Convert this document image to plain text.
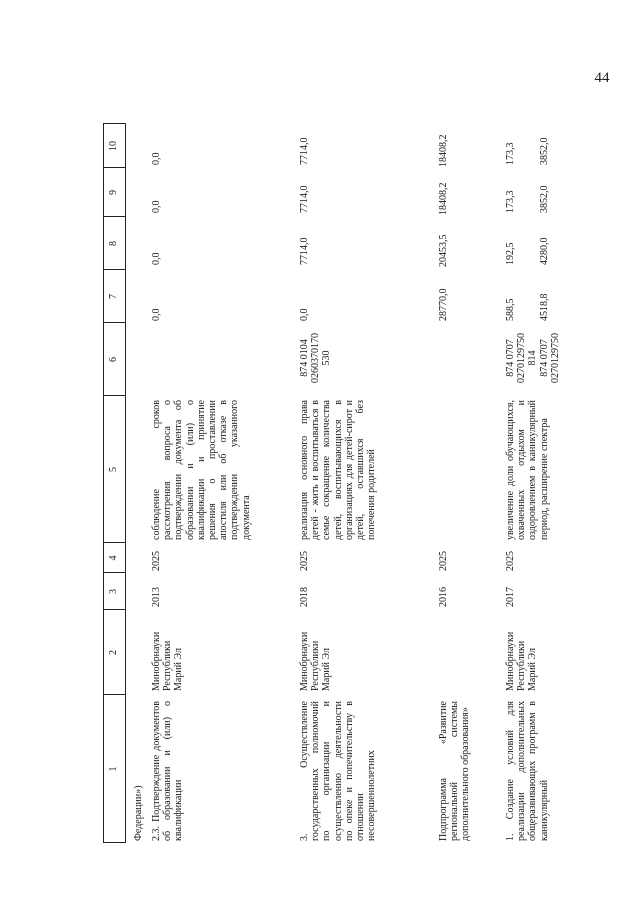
44
1
2
3
4
5
6
7
8
9
10
Федерации») 2.3. Подтверждение документов об образовании и (или) о квалификации
Минобрнауки Республики Марий Эл
2013
2025
соблюдение сроков рассмотрения вопроса о подтверждении документа об образовании и (или) о квалификации и принятие решения о проставлении апостиля или об отказе в подтверждении указанного документа
0,0
0,0
0,0
0,0
3. Осуществление государственных полномочий по организации и осуществлению деятельности по опеке и попечительству в отношении несовершеннолетних
Минобрнауки Республики Марий Эл
2018
2025
реализация основного права детей - жить и воспитываться в семье сокращение количества детей, воспитывающихся в организациях для детей-сирот и детей, оставшихся без попечения родителей
874 0104
0260370170
530
0,0
7714,0
7714,0
7714,0
Подпрограмма «Развитие региональной системы дополнительного образования»
2016
2025
28770,0
20453,5
18408,2
18408,2
1. Создание условий для реализации дополнительных общеразвивающих программ в каникулярный
Минобрнауки Республики Марий Эл
2017
2025
увеличение доли обучающихся, охваченных отдыхом и оздоровлением в каникулярный период, расширение спектра
874 0707
0270129750
814
874 0707
0270129750
588,5 4518,8
192,5 4280,0
173,3 3852,0
173,3 3852,0
